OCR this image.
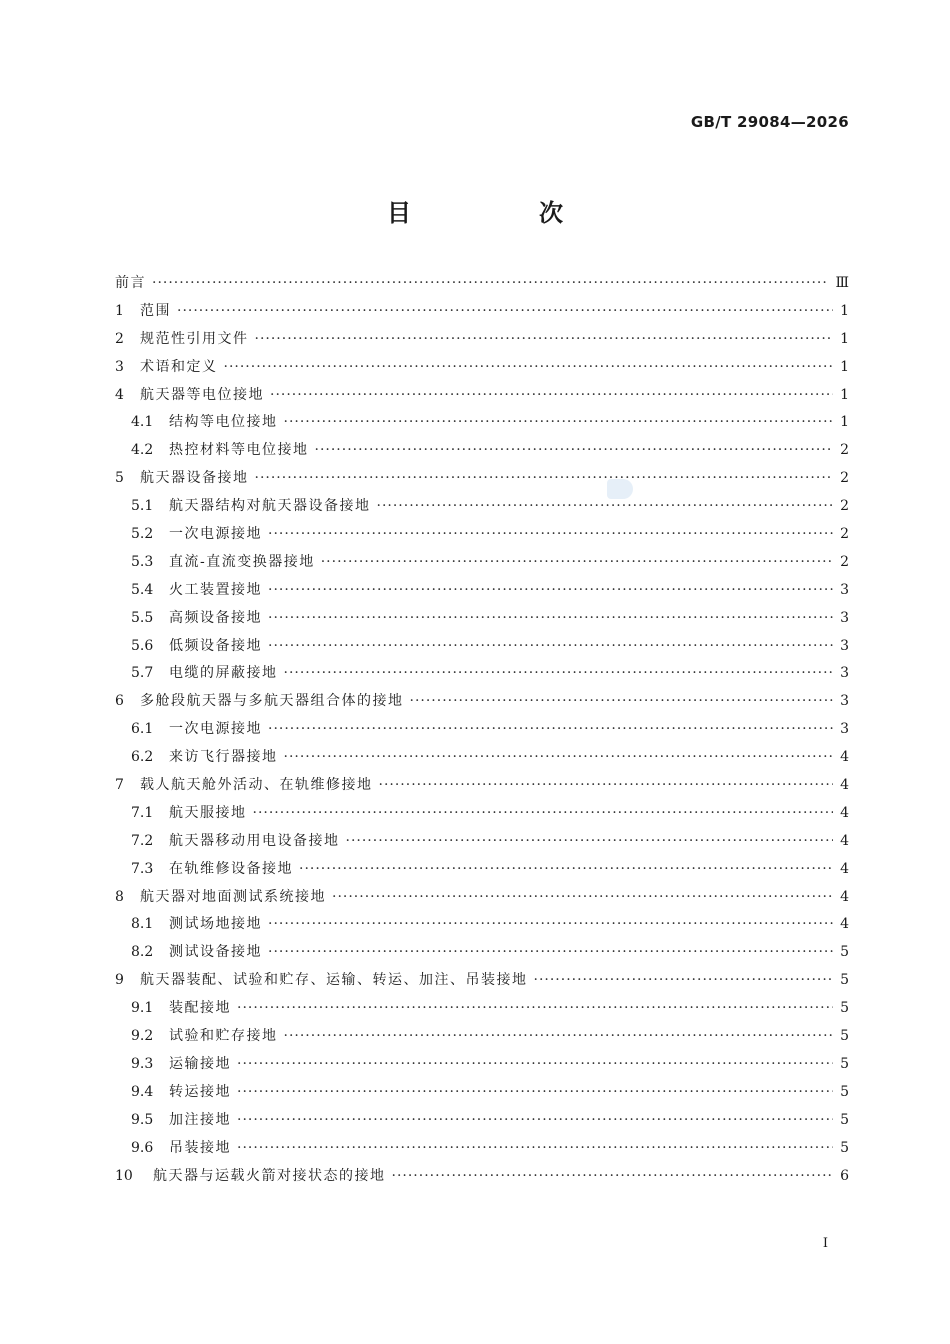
GB/T 29084—2026
目　次
前言 ·····	Ⅲ
1	范围 ·····	1
2	规范性引用文件 ·····	1
3	术语和定义 ·····	1
4	航天器等电位接地 ·····	1
4.1	结构等电位接地 ·····	1
4.2	热控材料等电位接地 ·····	2
5	航天器设备接地 ·····	2
5.1	航天器结构对航天器设备接地 ·····	2
5.2	一次电源接地 ·····	2
5.3	直流-直流变换器接地 ·····	2
5.4	火工装置接地 ·····	3
5.5	高频设备接地 ·····	3
5.6	低频设备接地 ·····	3
5.7	电缆的屏蔽接地 ·····	3
6	多舱段航天器与多航天器组合体的接地 ·····	3
6.1	一次电源接地 ·····	3
6.2	来访飞行器接地 ·····	4
7	载人航天舱外活动、在轨维修接地 ·····	4
7.1	航天服接地 ·····	4
7.2	航天器移动用电设备接地 ·····	4
7.3	在轨维修设备接地 ·····	4
8	航天器对地面测试系统接地 ·····	4
8.1	测试场地接地 ·····	4
8.2	测试设备接地 ·····	5
9	航天器装配、试验和贮存、运输、转运、加注、吊装接地 ·····	5
9.1	装配接地 ·····	5
9.2	试验和贮存接地 ·····	5
9.3	运输接地 ·····	5
9.4	转运接地 ·····	5
9.5	加注接地 ·····	5
9.6	吊装接地 ·····	5
10	航天器与运载火箭对接状态的接地 ·····	6
I
